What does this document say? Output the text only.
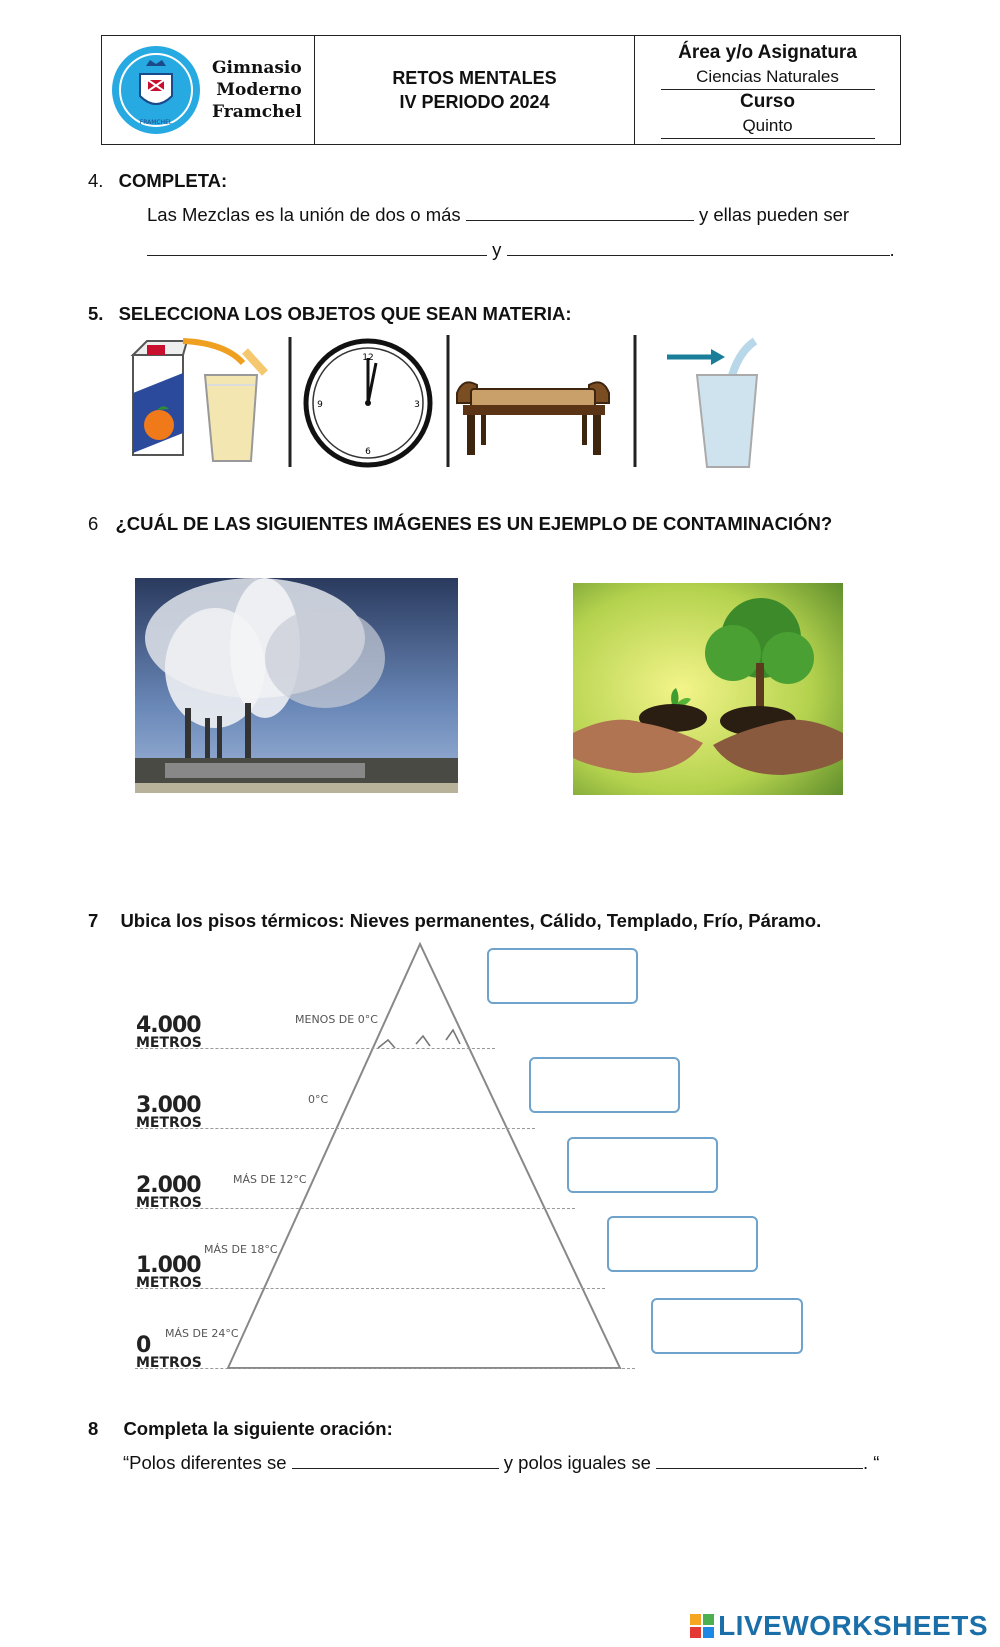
FRAMCHEL
Gimnasio
Moderno
Framchel
RETOS MENTALES
IV PERIODO 2024
Área y/o Asignatura
Ciencias Naturales
Curso
Quinto
4. COMPLETA:
Las Mezclas es la unión de dos o más	y ellas pueden ser
y	.
5. SELECCIONA LOS OBJETOS QUE SEAN MATERIA:
12
3
6
9
6 ¿CUÁL DE LAS SIGUIENTES IMÁGENES ES UN EJEMPLO DE CONTAMINACIÓN?
7 Ubica los pisos térmicos: Nieves permanentes, Cálido, Templado, Frío, Páramo.
4.000
METROS
3.000
METROS
2.000
METROS
1.000
METROS
0
METROS
MENOS DE 0°C
0°C
MÁS DE 12°C
MÁS DE 18°C
MÁS DE 24°C
8 Completa la siguiente oración:
“Polos diferentes se	y polos iguales se	. “
LIVEWORKSHEETS
